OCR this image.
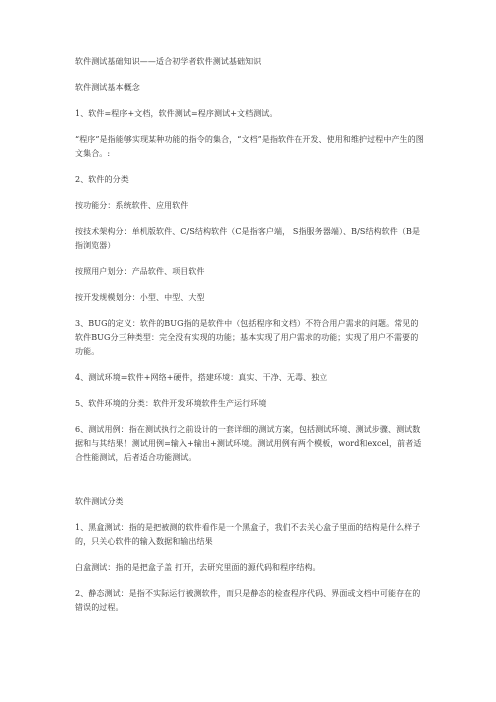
软件测试基础知识——适合初学者软件测试基础知识

软件测试基本概念

1、软件=程序+文档，软件测试=程序测试+文档测试。

“程序”是指能够实现某种功能的指令的集合，“文档”是指软件在开发、使用和维护过程中产生的图文集合。:

2、软件的分类

按功能分：系统软件、应用软件

按技术架构分：单机版软件、C/S结构软件（C是指客户端， S指服务器端）、B/S结构软件（B是指浏览器）

按照用户划分：产品软件、项目软件

按开发规模划分：小型、中型、大型

3、BUG的定义：软件的BUG指的是软件中（包括程序和文档）不符合用户需求的问题。常见的软件BUG分三种类型：完全没有实现的功能；基本实现了用户需求的功能；实现了用户不需要的功能。

4、测试环境=软件+网络+硬件，搭建环境：真实、干净、无毒、独立

5、软件环境的分类：软件开发环境软件生产运行环境

6、测试用例：指在测试执行之前设计的一套详细的测试方案，包括测试环境、测试步骤、测试数据和与其结果！测试用例=输入+输出+测试环境。测试用例有两个模板，word和excel，前者适合性能测试，后者适合功能测试。

软件测试分类

1、黑盒测试：指的是把被测的软件看作是一个黑盒子，我们不去关心盒子里面的结构是什么样子的，只关心软件的输入数据和输出结果

白盒测试：指的是把盒子盖 打开，去研究里面的源代码和程序结构。

2、静态测试：是指不实际运行被测软件，而只是静态的检查程序代码、界面或文档中可能存在的错误的过程。
